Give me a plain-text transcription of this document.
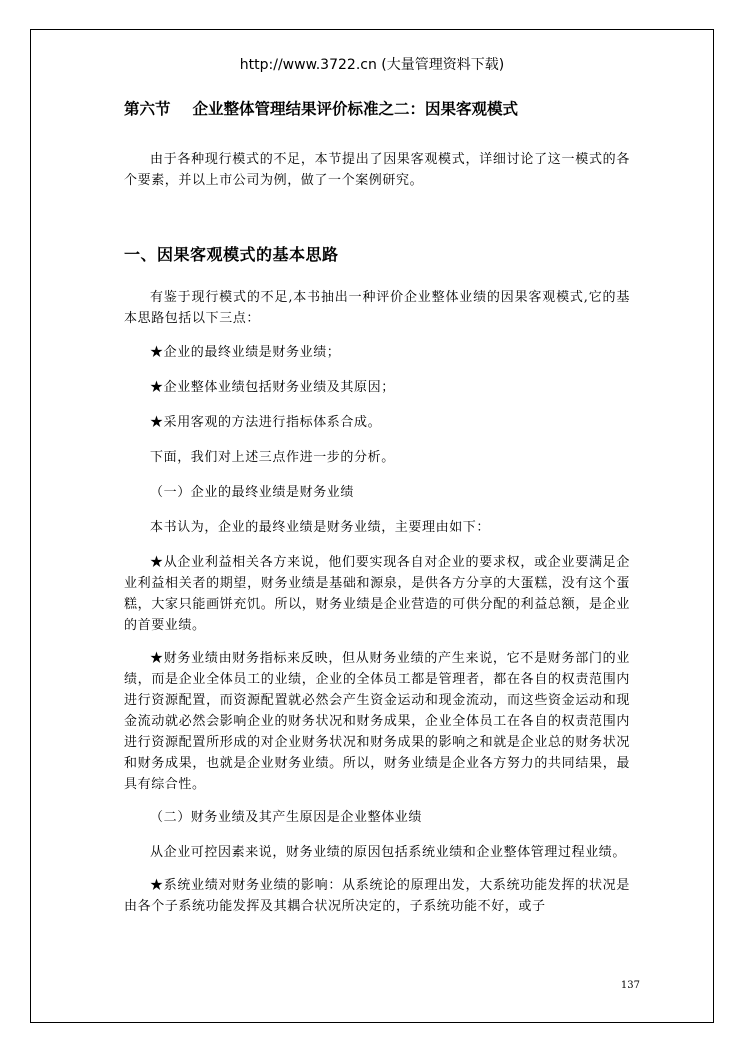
http://www.3722.cn (大量管理资料下载)
第六节 企业整体管理结果评价标准之二：因果客观模式

由于各种现行模式的不足，本节提出了因果客观模式，详细讨论了这一模式的各个要素，并以上市公司为例，做了一个案例研究。

一、因果客观模式的基本思路

有鉴于现行模式的不足,本书抽出一种评价企业整体业绩的因果客观模式,它的基本思路包括以下三点：

★企业的最终业绩是财务业绩；

★企业整体业绩包括财务业绩及其原因；

★采用客观的方法进行指标体系合成。

下面，我们对上述三点作进一步的分析。

（一）企业的最终业绩是财务业绩

本书认为，企业的最终业绩是财务业绩，主要理由如下：

★从企业利益相关各方来说，他们要实现各自对企业的要求权，或企业要满足企业利益相关者的期望，财务业绩是基础和源泉，是供各方分享的大蛋糕，没有这个蛋糕，大家只能画饼充饥。所以，财务业绩是企业营造的可供分配的利益总额，是企业的首要业绩。

★财务业绩由财务指标来反映，但从财务业绩的产生来说，它不是财务部门的业绩，而是企业全体员工的业绩，企业的全体员工都是管理者，都在各自的权责范围内进行资源配置，而资源配置就必然会产生资金运动和现金流动，而这些资金运动和现金流动就必然会影响企业的财务状况和财务成果，企业全体员工在各自的权责范围内进行资源配置所形成的对企业财务状况和财务成果的影响之和就是企业总的财务状况和财务成果，也就是企业财务业绩。所以，财务业绩是企业各方努力的共同结果，最具有综合性。

（二）财务业绩及其产生原因是企业整体业绩

从企业可控因素来说，财务业绩的原因包括系统业绩和企业整体管理过程业绩。

★系统业绩对财务业绩的影响：从系统论的原理出发，大系统功能发挥的状况是由各个子系统功能发挥及其耦合状况所决定的，子系统功能不好，或子

137
